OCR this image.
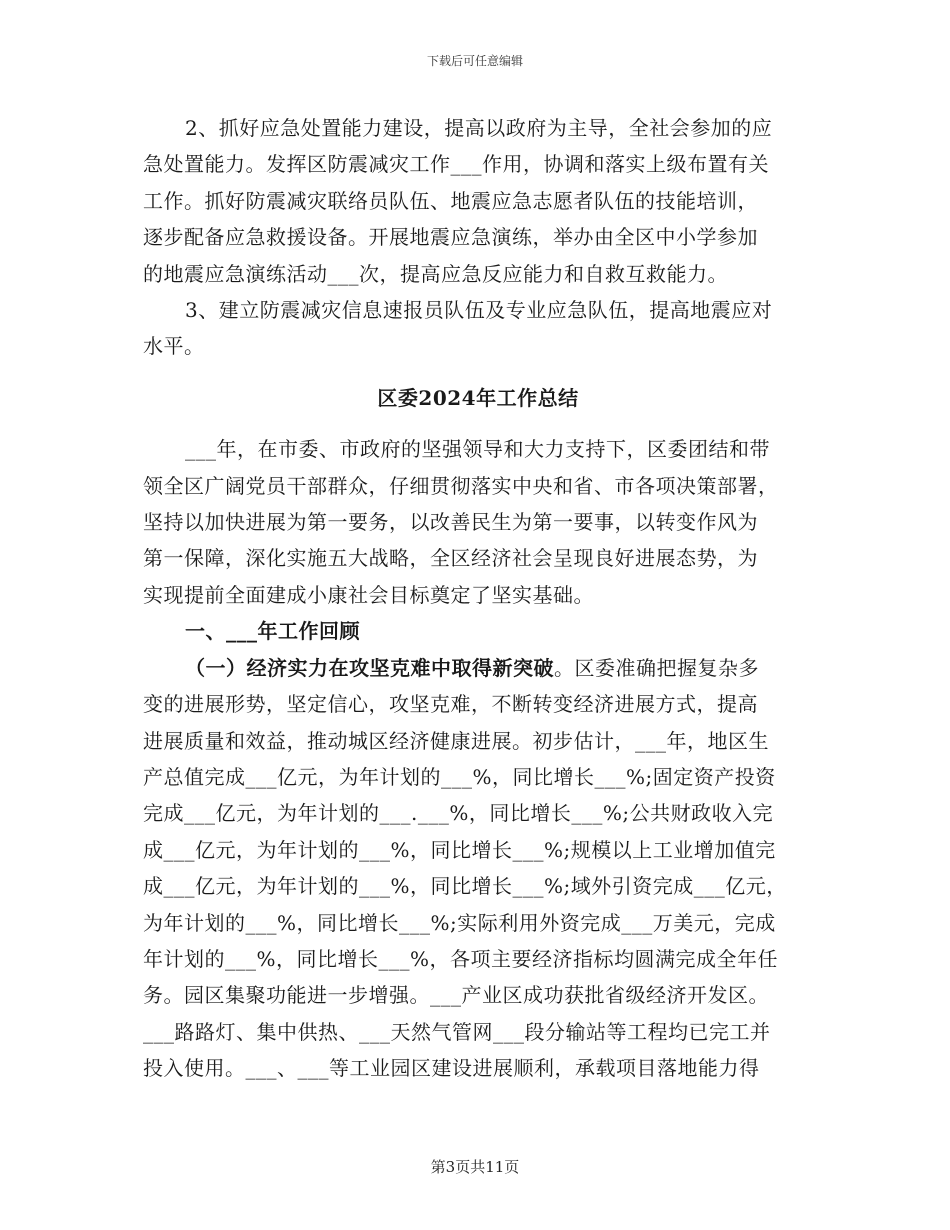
下载后可任意编辑

2、抓好应急处置能力建设，提高以政府为主导，全社会参加的应

急处置能力。发挥区防震减灾工作___作用，协调和落实上级布置有关

工作。抓好防震减灾联络员队伍、地震应急志愿者队伍的技能培训，

逐步配备应急救援设备。开展地震应急演练，举办由全区中小学参加

的地震应急演练活动___次，提高应急反应能力和自救互救能力。

3、建立防震减灾信息速报员队伍及专业应急队伍，提高地震应对

水平。

区委2024年工作总结

___年，在市委、市政府的坚强领导和大力支持下，区委团结和带

领全区广阔党员干部群众，仔细贯彻落实中央和省、市各项决策部署，

坚持以加快进展为第一要务，以改善民生为第一要事，以转变作风为

第一保障，深化实施五大战略，全区经济社会呈现良好进展态势，为

实现提前全面建成小康社会目标奠定了坚实基础。

一、___年工作回顾

（一）经济实力在攻坚克难中取得新突破。区委准确把握复杂多

变的进展形势，坚定信心，攻坚克难，不断转变经济进展方式，提高

进展质量和效益，推动城区经济健康进展。初步估计，___年，地区生

产总值完成___亿元，为年计划的___%，同比增长___%;固定资产投资

完成___亿元，为年计划的___.___%，同比增长___%;公共财政收入完

成___亿元，为年计划的___%，同比增长___%;规模以上工业增加值完

成___亿元，为年计划的___%，同比增长___%;域外引资完成___亿元，

为年计划的___%，同比增长___%;实际利用外资完成___万美元，完成

年计划的___%，同比增长___%，各项主要经济指标均圆满完成全年任

务。园区集聚功能进一步增强。___产业区成功获批省级经济开发区。

___路路灯、集中供热、___天然气管网___段分输站等工程均已完工并

投入使用。___、___等工业园区建设进展顺利，承载项目落地能力得

第3页共11页
